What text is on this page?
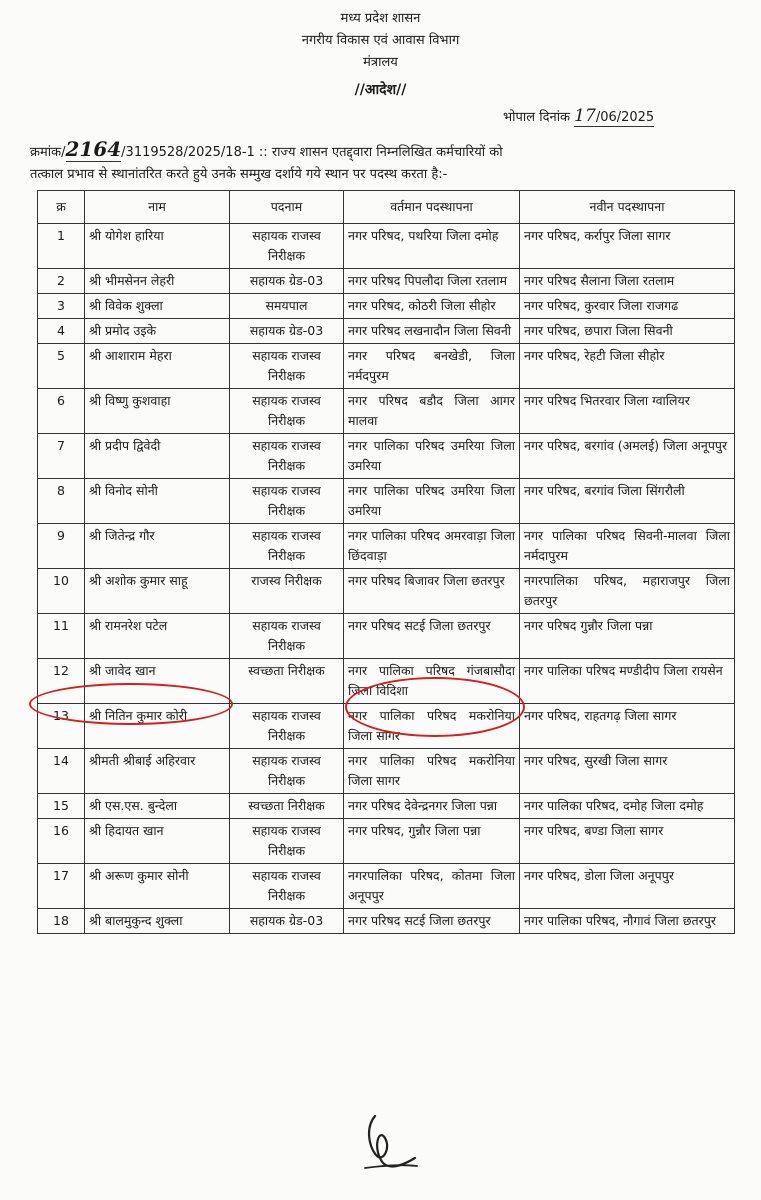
मध्य प्रदेश शासन
नगरीय विकास एवं आवास विभाग
मंत्रालय
//आदेश//
भोपाल दिनांक 17/06/2025
क्रमांक/2164/3119528/2025/18-1 :: राज्य शासन एतद्द्वारा निम्नलिखित कर्मचारियों को
तत्काल प्रभाव से स्थानांतरित करते हुये उनके सम्मुख दर्शाये गये स्थान पर पदस्थ करता है:-
क्र	नाम	पदनाम	वर्तमान पदस्थापना	नवीन पदस्थापना
1	श्री योगेश हारिया	सहायक राजस्व निरीक्षक	नगर परिषद, पथरिया जिला दमोह	नगर परिषद, कर्रापुर जिला सागर
2	श्री भीमसेनन लेहरी	सहायक ग्रेड-03	नगर परिषद पिपलौदा जिला रतलाम	नगर परिषद सैलाना जिला रतलाम
3	श्री विवेक शुक्ला	समयपाल	नगर परिषद, कोठरी जिला सीहोर	नगर परिषद, कुरवार जिला राजगढ
4	श्री प्रमोद उइके	सहायक ग्रेड-03	नगर परिषद लखनादौन जिला सिवनी	नगर परिषद, छपारा जिला सिवनी
5	श्री आशाराम मेहरा	सहायक राजस्व निरीक्षक	नगर परिषद बनखेडी, जिला नर्मदपुरम	नगर परिषद, रेहटी जिला सीहोर
6	श्री विष्णु कुशवाहा	सहायक राजस्व निरीक्षक	नगर परिषद बडौद जिला आगर मालवा	नगर परिषद भितरवार जिला ग्वालियर
7	श्री प्रदीप द्विवेदी	सहायक राजस्व निरीक्षक	नगर पालिका परिषद उमरिया जिला उमरिया	नगर परिषद, बरगांव (अमलई) जिला अनूपपुर
8	श्री विनोद सोनी	सहायक राजस्व निरीक्षक	नगर पालिका परिषद उमरिया जिला उमरिया	नगर परिषद, बरगांव जिला सिंगरौली
9	श्री जितेन्द्र गौर	सहायक राजस्व निरीक्षक	नगर पालिका परिषद अमरवाड़ा जिला छिंदवाड़ा	नगर पालिका परिषद सिवनी-मालवा जिला नर्मदापुरम
10	श्री अशोक कुमार साहू	राजस्व निरीक्षक	नगर परिषद बिजावर जिला छतरपुर	नगरपालिका परिषद, महाराजपुर जिला छतरपुर
11	श्री रामनरेश पटेल	सहायक राजस्व निरीक्षक	नगर परिषद सटई जिला छतरपुर	नगर परिषद गुन्नौर जिला पन्ना
12	श्री जावेद खान	स्वच्छता निरीक्षक	नगर पालिका परिषद गंजबासौदा जिला विदिशा	नगर पालिका परिषद मण्डीदीप जिला रायसेन
13	श्री नितिन कुमार कोरी	सहायक राजस्व निरीक्षक	नगर पालिका परिषद मकरोनिया जिला सागर	नगर परिषद, राहतगढ़ जिला सागर
14	श्रीमती श्रीबाई अहिरवार	सहायक राजस्व निरीक्षक	नगर पालिका परिषद मकरोनिया जिला सागर	नगर परिषद, सुरखी जिला सागर
15	श्री एस.एस. बुन्देला	स्वच्छता निरीक्षक	नगर परिषद देवेन्द्रनगर जिला पन्ना	नगर पालिका परिषद, दमोह जिला दमोह
16	श्री हिदायत खान	सहायक राजस्व निरीक्षक	नगर परिषद, गुन्नौर जिला पन्ना	नगर परिषद, बण्डा जिला सागर
17	श्री अरूण कुमार सोनी	सहायक राजस्व निरीक्षक	नगरपालिका परिषद, कोतमा जिला अनूपपुर	नगर परिषद, डोला जिला अनूपपुर
18	श्री बालमुकुन्द शुक्ला	सहायक ग्रेड-03	नगर परिषद सटई जिला छतरपुर	नगर पालिका परिषद, नौगावं जिला छतरपुर
